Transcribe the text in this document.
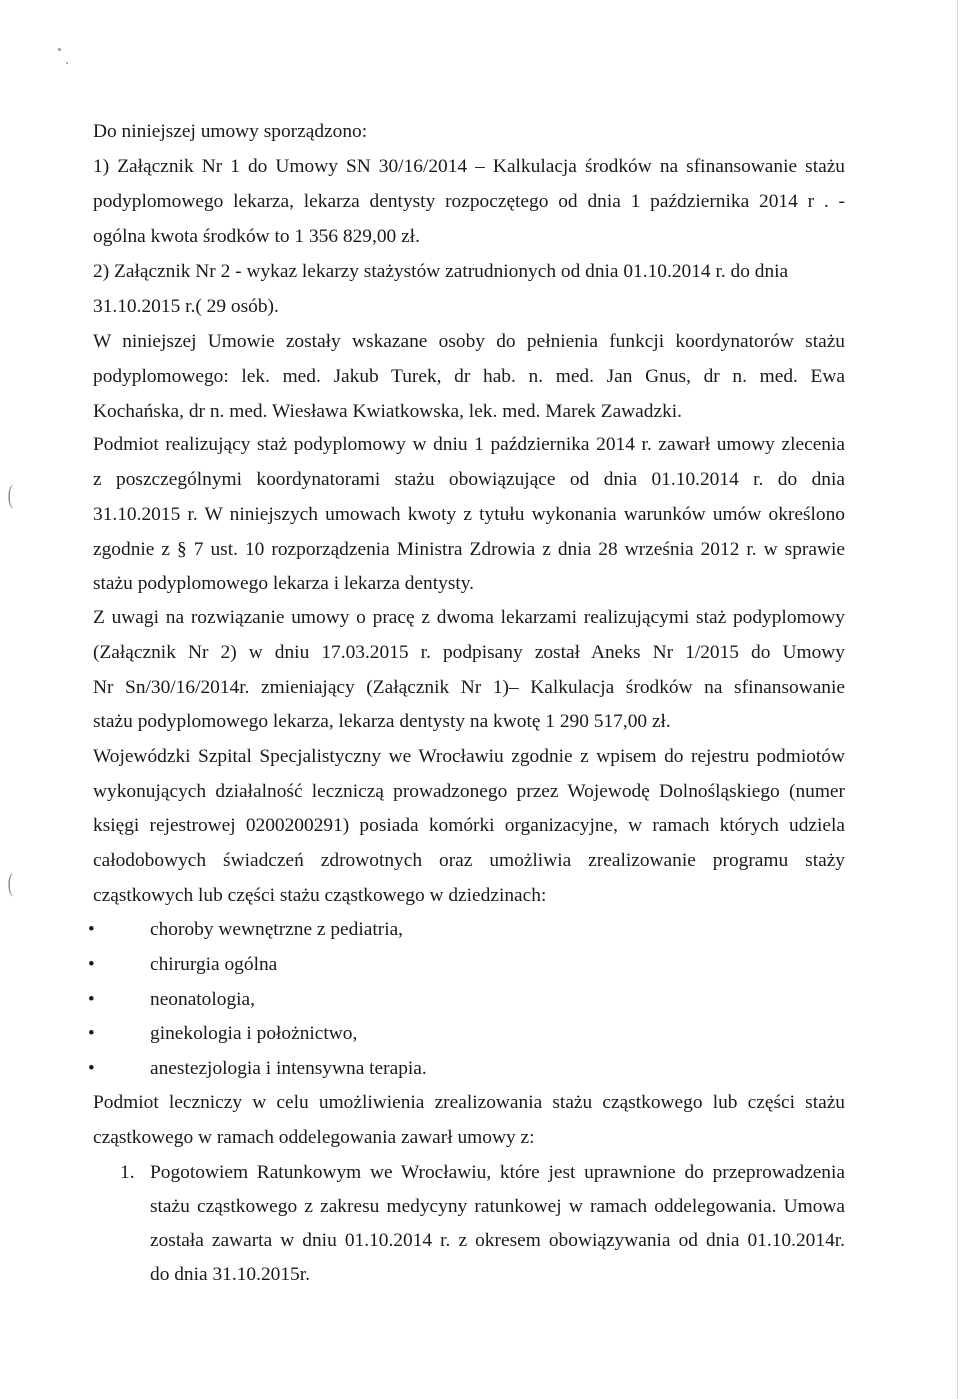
(
(
Do niniejszej umowy sporządzono:
1) Załącznik Nr 1 do Umowy SN 30/16/2014 – Kalkulacja środków na sfinansowanie stażu
podyplomowego lekarza, lekarza dentysty rozpoczętego od dnia 1 października 2014 r . -
ogólna kwota środków to 1 356 829,00 zł.
2) Załącznik Nr 2 - wykaz lekarzy stażystów zatrudnionych od dnia 01.10.2014 r. do dnia
31.10.2015 r.( 29 osób).
W niniejszej Umowie zostały wskazane osoby do pełnienia funkcji koordynatorów stażu
podyplomowego: lek. med. Jakub Turek, dr hab. n. med. Jan Gnus, dr n. med. Ewa
Kochańska, dr n. med. Wiesława Kwiatkowska, lek. med. Marek Zawadzki.
Podmiot realizujący staż podyplomowy w dniu 1 października 2014 r. zawarł umowy zlecenia
z poszczególnymi koordynatorami stażu obowiązujące od dnia 01.10.2014 r. do dnia
31.10.2015 r. W niniejszych umowach kwoty z tytułu wykonania warunków umów określono
zgodnie z § 7 ust. 10 rozporządzenia Ministra Zdrowia z dnia 28 września 2012 r. w sprawie
stażu podyplomowego lekarza i lekarza dentysty.
Z uwagi na rozwiązanie umowy o pracę z dwoma lekarzami realizującymi staż podyplomowy
(Załącznik Nr 2) w dniu 17.03.2015 r. podpisany został Aneks Nr 1/2015 do Umowy
Nr Sn/30/16/2014r. zmieniający (Załącznik Nr 1)– Kalkulacja środków na sfinansowanie
stażu podyplomowego lekarza, lekarza dentysty na kwotę 1 290 517,00 zł.
Wojewódzki Szpital Specjalistyczny we Wrocławiu zgodnie z wpisem do rejestru podmiotów
wykonujących działalność leczniczą prowadzonego przez Wojewodę Dolnośląskiego (numer
księgi rejestrowej 0200200291) posiada komórki organizacyjne, w ramach których udziela
całodobowych świadczeń zdrowotnych oraz umożliwia zrealizowanie programu staży
cząstkowych lub części stażu cząstkowego w dziedzinach:
•	choroby wewnętrzne z pediatria,
•	chirurgia ogólna
•	neonatologia,
•	ginekologia i położnictwo,
•	anestezjologia i intensywna terapia.
Podmiot leczniczy w celu umożliwienia zrealizowania stażu cząstkowego lub części stażu
cząstkowego w ramach oddelegowania zawarł umowy z:
1. Pogotowiem Ratunkowym we Wrocławiu, które jest uprawnione do przeprowadzenia
stażu cząstkowego z zakresu medycyny ratunkowej w ramach oddelegowania. Umowa
została zawarta w dniu 01.10.2014 r. z okresem obowiązywania od dnia 01.10.2014r.
do dnia 31.10.2015r.
